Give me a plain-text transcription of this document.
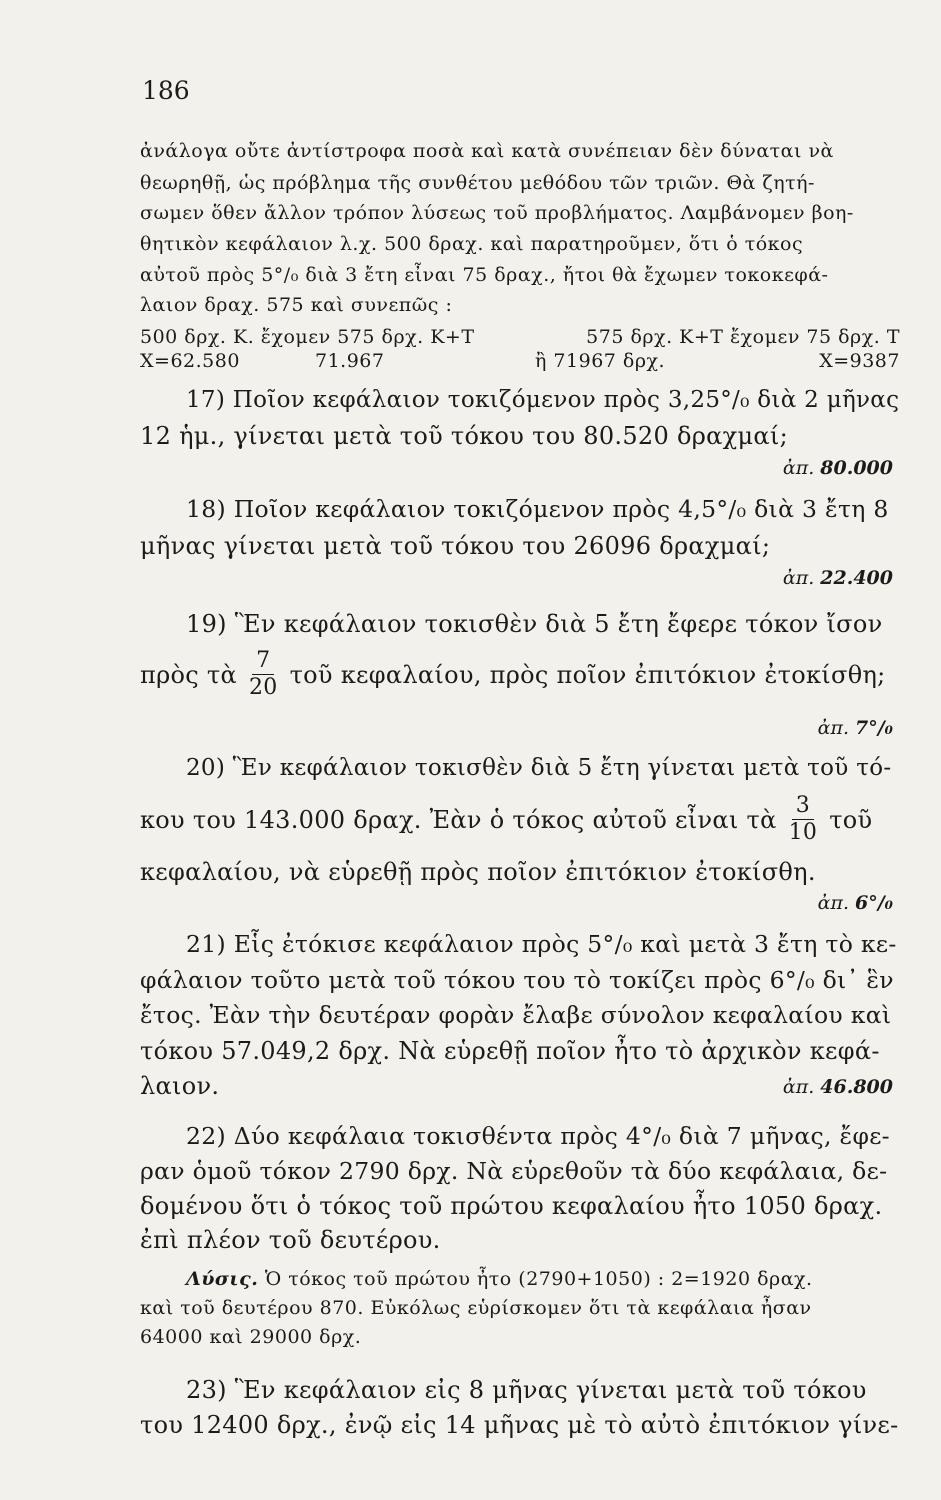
186
ἀνάλογα οὔτε ἀντίστροφα ποσὰ καὶ κατὰ συνέπειαν δὲν δύναται νὰ
θεωρηθῇ, ὡς πρόβλημα τῆς συνθέτου μεθόδου τῶν τριῶν. Θὰ ζητή-
σωμεν ὅθεν ἄλλον τρόπον λύσεως τοῦ προβλήματος. Λαμβάνομεν βοη-
θητικὸν κεφάλαιον λ.χ. 500 δραχ. καὶ παρατηροῦμεν, ὅτι ὁ τόκος
αὐτοῦ πρὸς 5°/₀ διὰ 3 ἔτη εἶναι 75 δραχ., ἤτοι θὰ ἔχωμεν τοκοκεφά-
λαιον δραχ. 575 καὶ συνεπῶς :
500 δρχ. Κ. ἔχομεν 575 δρχ. Κ+Τ	575 δρχ. Κ+Τ ἔχομεν 75 δρχ. Τ
Χ=62.580	71.967	ἢ 71967 δρχ.	Χ=9387
17) Ποῖον κεφάλαιον τοκιζόμενον πρὸς 3,25°/₀ διὰ 2 μῆνας
12 ἡμ., γίνεται μετὰ τοῦ τόκου του 80.520 δραχμαί;
ἀπ. 80.000
18) Ποῖον κεφάλαιον τοκιζόμενον πρὸς 4,5°/₀ διὰ 3 ἔτη 8
μῆνας γίνεται μετὰ τοῦ τόκου του 26096 δραχμαί;
ἀπ. 22.400
19) Ἓν κεφάλαιον τοκισθὲν διὰ 5 ἔτη ἔφερε τόκον ἴσον
πρὸς τὰ $\frac{7}{20}$ τοῦ κεφαλαίου, πρὸς ποῖον ἐπιτόκιον ἐτοκίσθη;
ἀπ. 7°/₀
20) Ἓν κεφάλαιον τοκισθὲν διὰ 5 ἔτη γίνεται μετὰ τοῦ τό-
κου του 143.000 δραχ. Ἐὰν ὁ τόκος αὐτοῦ εἶναι τὰ $\frac{3}{10}$ τοῦ
κεφαλαίου, νὰ εὑρεθῇ πρὸς ποῖον ἐπιτόκιον ἐτοκίσθη.
ἀπ. 6°/₀
21) Εἷς ἐτόκισε κεφάλαιον πρὸς 5°/₀ καὶ μετὰ 3 ἔτη τὸ κε-
φάλαιον τοῦτο μετὰ τοῦ τόκου του τὸ τοκίζει πρὸς 6°/₀ δι᾽ ἓν
ἔτος. Ἐὰν τὴν δευτέραν φορὰν ἔλαβε σύνολον κεφαλαίου καὶ
τόκου 57.049,2 δρχ. Νὰ εὑρεθῇ ποῖον ἦτο τὸ ἀρχικὸν κεφά-
λαιον.	ἀπ. 46.800
22) Δύο κεφάλαια τοκισθέντα πρὸς 4°/₀ διὰ 7 μῆνας, ἔφε-
ραν ὁμοῦ τόκον 2790 δρχ. Νὰ εὑρεθοῦν τὰ δύο κεφάλαια, δε-
δομένου ὅτι ὁ τόκος τοῦ πρώτου κεφαλαίου ἦτο 1050 δραχ.
ἐπὶ πλέον τοῦ δευτέρου.
Λύσις. Ὁ τόκος τοῦ πρώτου ἦτο (2790+1050) : 2=1920 δραχ.
καὶ τοῦ δευτέρου 870. Εὐκόλως εὑρίσκομεν ὅτι τὰ κεφάλαια ἦσαν
64000 καὶ 29000 δρχ.
23) Ἓν κεφάλαιον εἰς 8 μῆνας γίνεται μετὰ τοῦ τόκου
του 12400 δρχ., ἐνῷ εἰς 14 μῆνας μὲ τὸ αὐτὸ ἐπιτόκιον γίνε-
